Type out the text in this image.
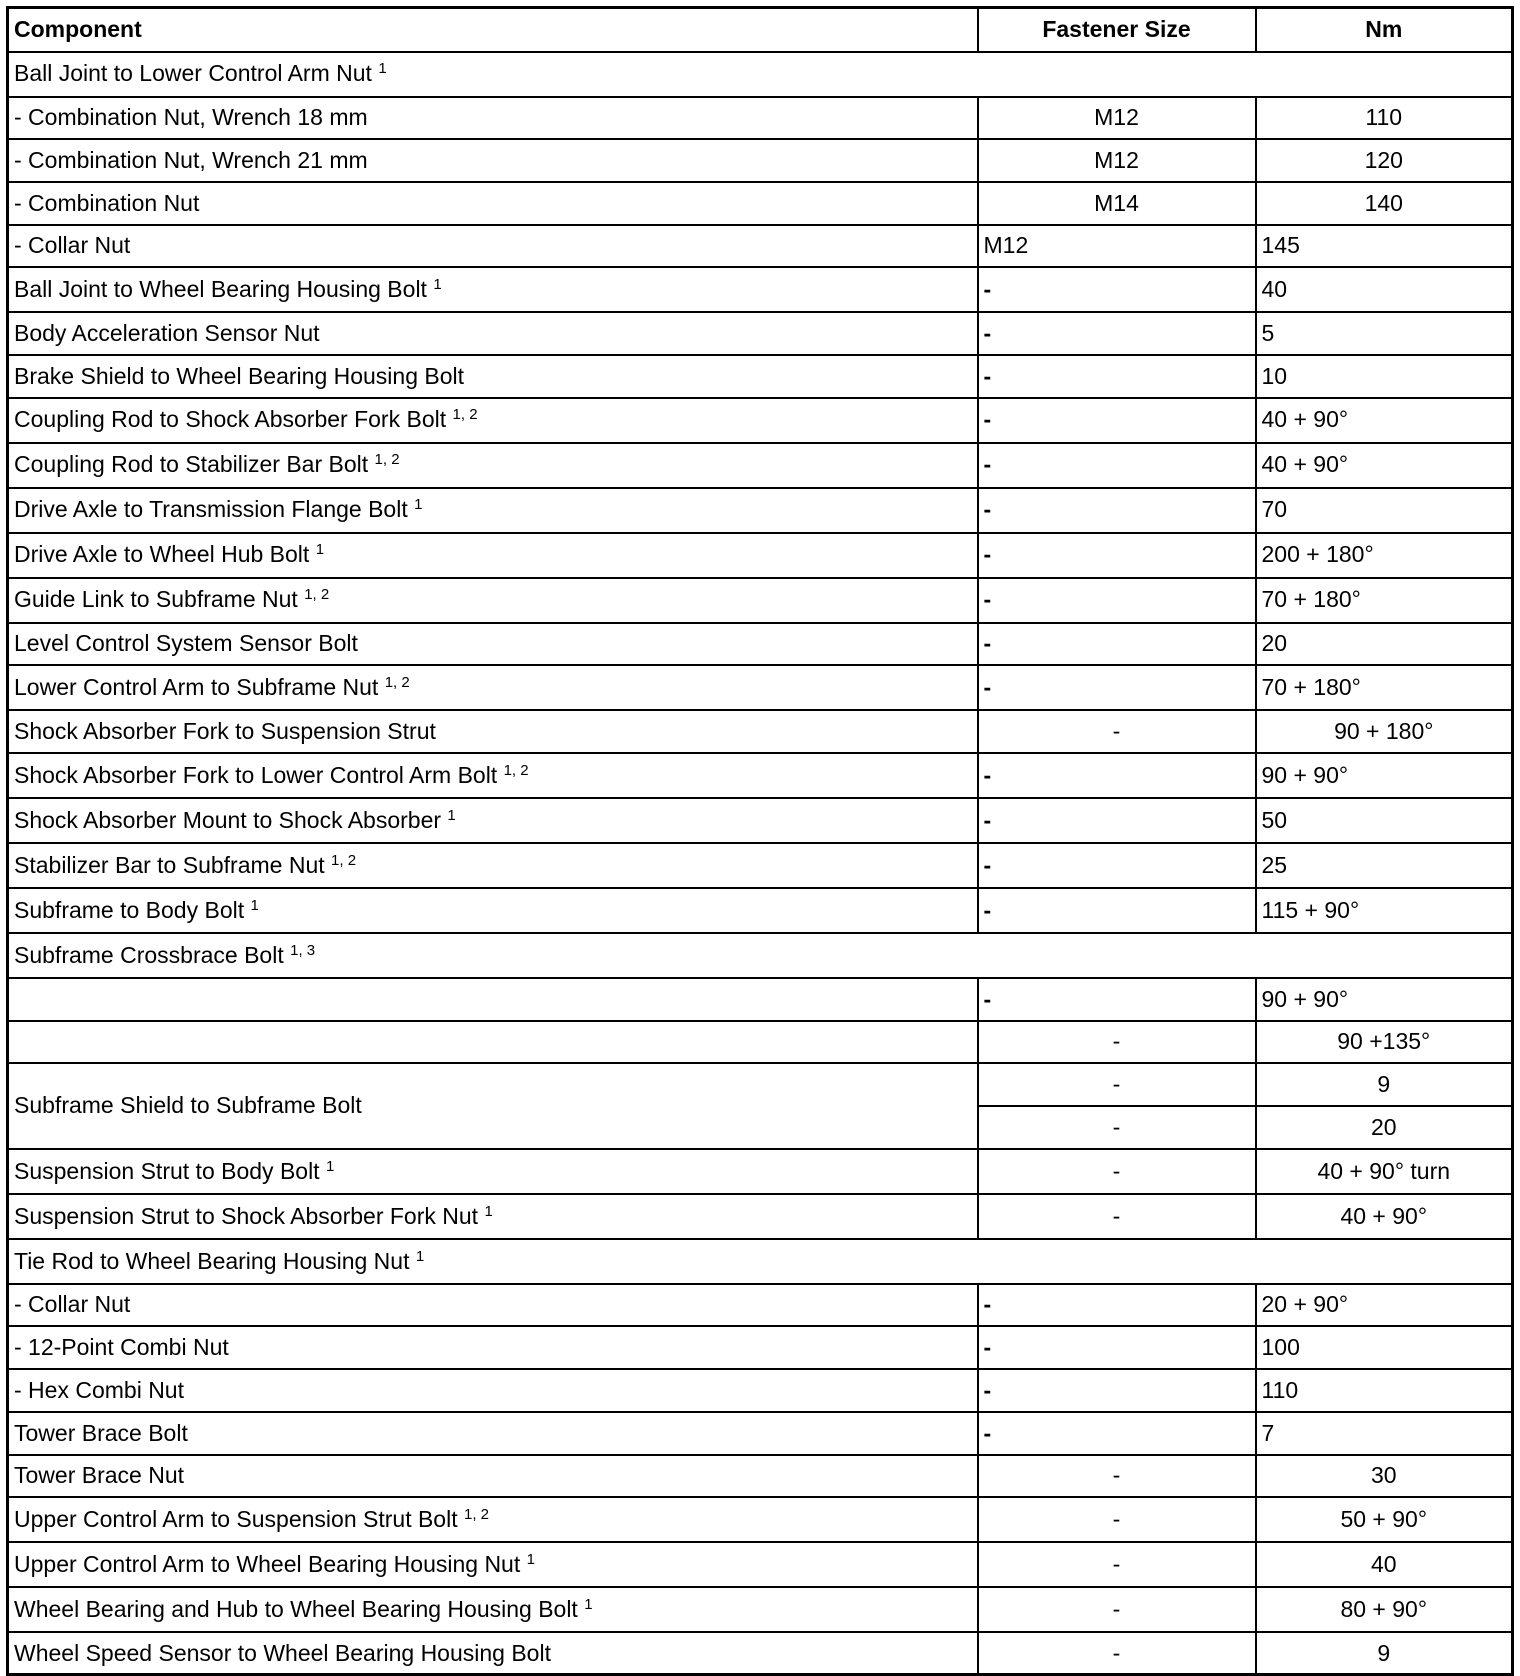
Component	Fastener Size	Nm
Ball Joint to Lower Control Arm Nut $^1$
- Combination Nut, Wrench 18 mm	M12	110
- Combination Nut, Wrench 21 mm	M12	120
- Combination Nut	M14	140
- Collar Nut	M12	145
Ball Joint to Wheel Bearing Housing Bolt $^1$	-	40
Body Acceleration Sensor Nut	-	5
Brake Shield to Wheel Bearing Housing Bolt	-	10
Coupling Rod to Shock Absorber Fork Bolt $^{1, 2}$	-	40 + 90°
Coupling Rod to Stabilizer Bar Bolt $^{1, 2}$	-	40 + 90°
Drive Axle to Transmission Flange Bolt $^1$	-	70
Drive Axle to Wheel Hub Bolt $^1$	-	200 + 180°
Guide Link to Subframe Nut $^{1, 2}$	-	70 + 180°
Level Control System Sensor Bolt	-	20
Lower Control Arm to Subframe Nut $^{1, 2}$	-	70 + 180°
Shock Absorber Fork to Suspension Strut	-	90 + 180°
Shock Absorber Fork to Lower Control Arm Bolt $^{1, 2}$	-	90 + 90°
Shock Absorber Mount to Shock Absorber $^1$	-	50
Stabilizer Bar to Subframe Nut $^{1, 2}$	-	25
Subframe to Body Bolt $^1$	-	115 + 90°
Subframe Crossbrace Bolt $^{1, 3}$
	-	90 + 90°
	-	90 +135°
Subframe Shield to Subframe Bolt	-	9
	-	20
Suspension Strut to Body Bolt $^1$	-	40 + 90° turn
Suspension Strut to Shock Absorber Fork Nut $^1$	-	40 + 90°
Tie Rod to Wheel Bearing Housing Nut $^1$
- Collar Nut	-	20 + 90°
- 12-Point Combi Nut	-	100
- Hex Combi Nut	-	110
Tower Brace Bolt	-	7
Tower Brace Nut	-	30
Upper Control Arm to Suspension Strut Bolt $^{1, 2}$	-	50 + 90°
Upper Control Arm to Wheel Bearing Housing Nut $^1$	-	40
Wheel Bearing and Hub to Wheel Bearing Housing Bolt $^1$	-	80 + 90°
Wheel Speed Sensor to Wheel Bearing Housing Bolt	-	9
